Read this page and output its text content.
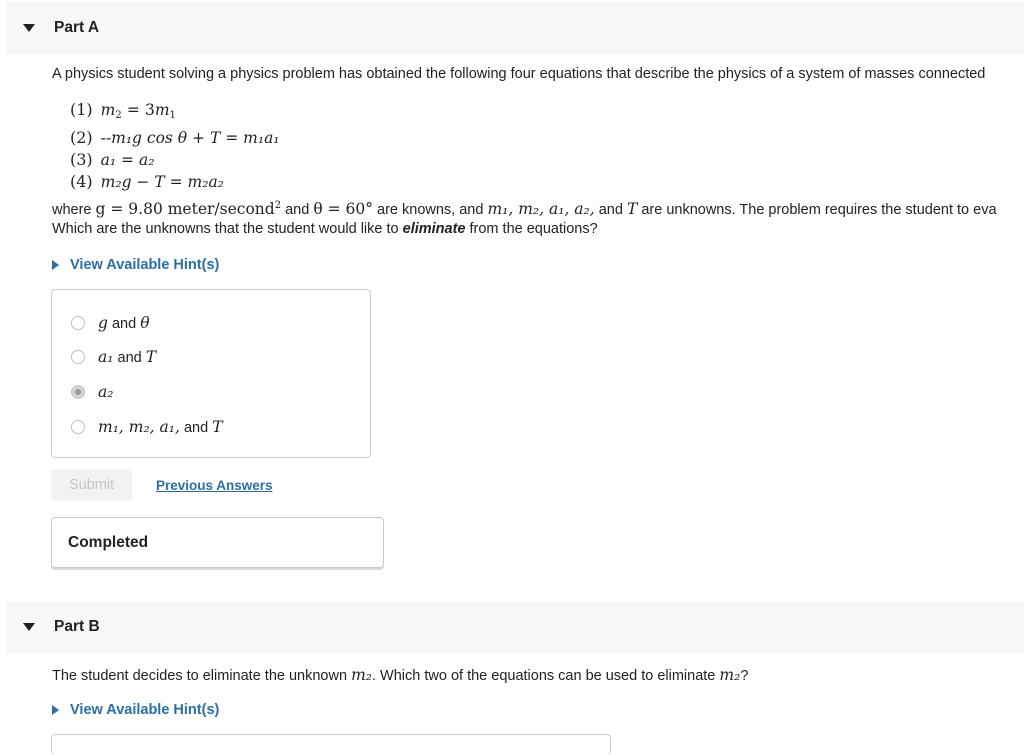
Part A
A physics student solving a physics problem has obtained the following four equations that describe the physics of a system of masses connected
(1) $m_2 = 3m_1$
(2) --m₁g cos θ + T = m₁a₁
(3) a₁ = a₂
(4) m₂g − T = m₂a₂
where g = 9.80 meter/second$^2$ and θ = 60° are knowns, and m₁, m₂, a₁, a₂, and T are unknowns. The problem requires the student to eva
Which are the unknowns that the student would like to eliminate from the equations?
View Available Hint(s)
g and θ
a₁ and T
a₂
m₁, m₂, a₁, and T
Submit	Previous Answers
Completed
Part B
The student decides to eliminate the unknown m₂. Which two of the equations can be used to eliminate m₂?
View Available Hint(s)
